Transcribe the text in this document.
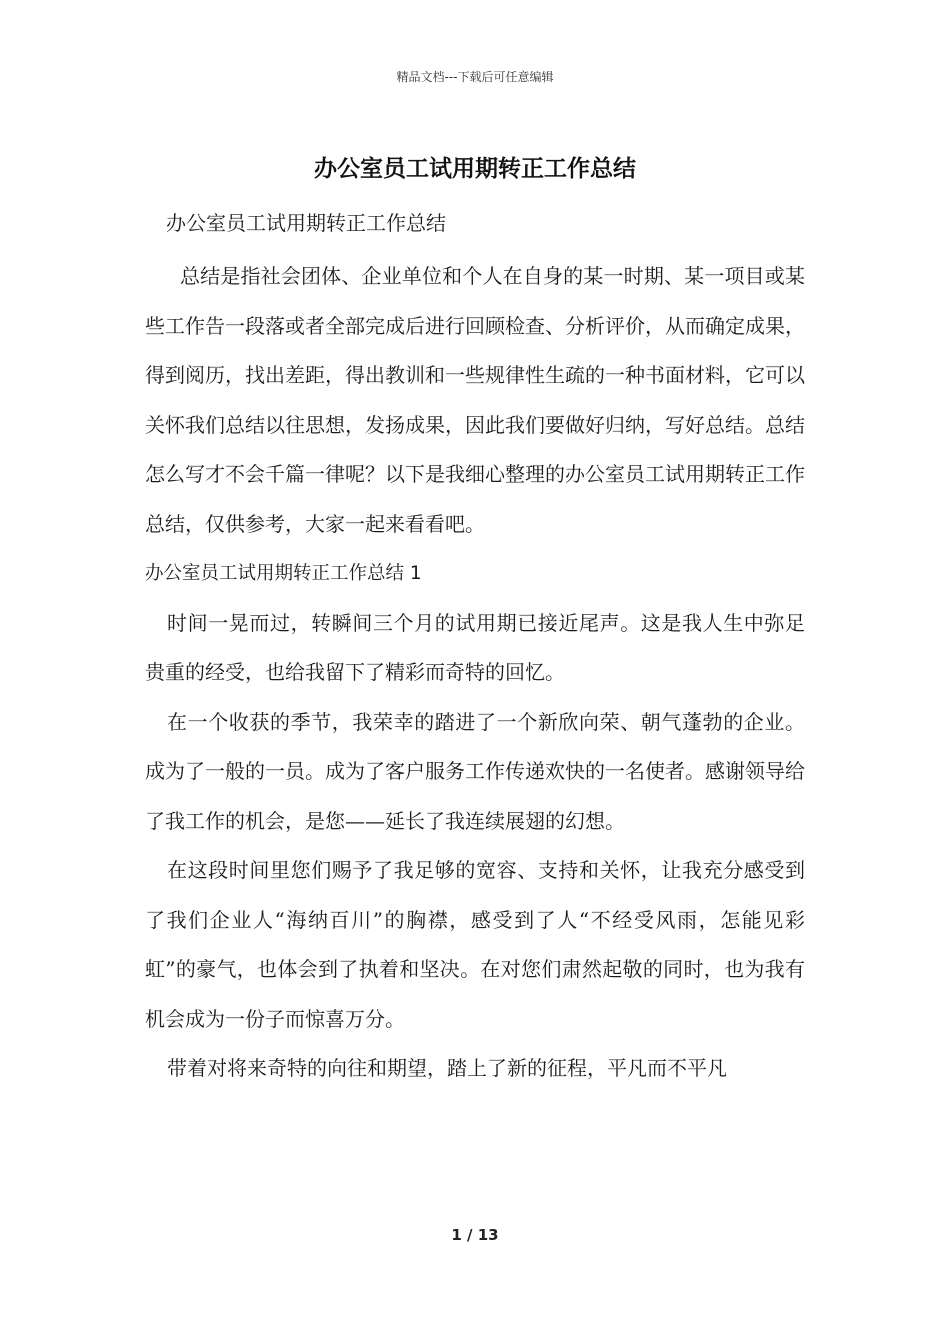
精品文档---下载后可任意编辑
办公室员工试用期转正工作总结
办公室员工试用期转正工作总结

总结是指社会团体、企业单位和个人在自身的某一时期、某一项目或某些工作告一段落或者全部完成后进行回顾检查、分析评价，从而确定成果，得到阅历，找出差距，得出教训和一些规律性生疏的一种书面材料，它可以关怀我们总结以往思想，发扬成果，因此我们要做好归纳，写好总结。总结怎么写才不会千篇一律呢？以下是我细心整理的办公室员工试用期转正工作总结，仅供参考，大家一起来看看吧。

办公室员工试用期转正工作总结 1

时间一晃而过，转瞬间三个月的试用期已接近尾声。这是我人生中弥足贵重的经受，也给我留下了精彩而奇特的回忆。

在一个收获的季节，我荣幸的踏进了一个新欣向荣、朝气蓬勃的企业。成为了一般的一员。成为了客户服务工作传递欢快的一名使者。感谢领导给了我工作的机会，是您——延长了我连续展翅的幻想。

在这段时间里您们赐予了我足够的宽容、支持和关怀，让我充分感受到了我们企业人“海纳百川”的胸襟，感受到了人“不经受风雨，怎能见彩虹”的豪气，也体会到了执着和坚决。在对您们肃然起敬的同时，也为我有机会成为一份子而惊喜万分。

带着对将来奇特的向往和期望，踏上了新的征程，平凡而不平凡

1 / 13
